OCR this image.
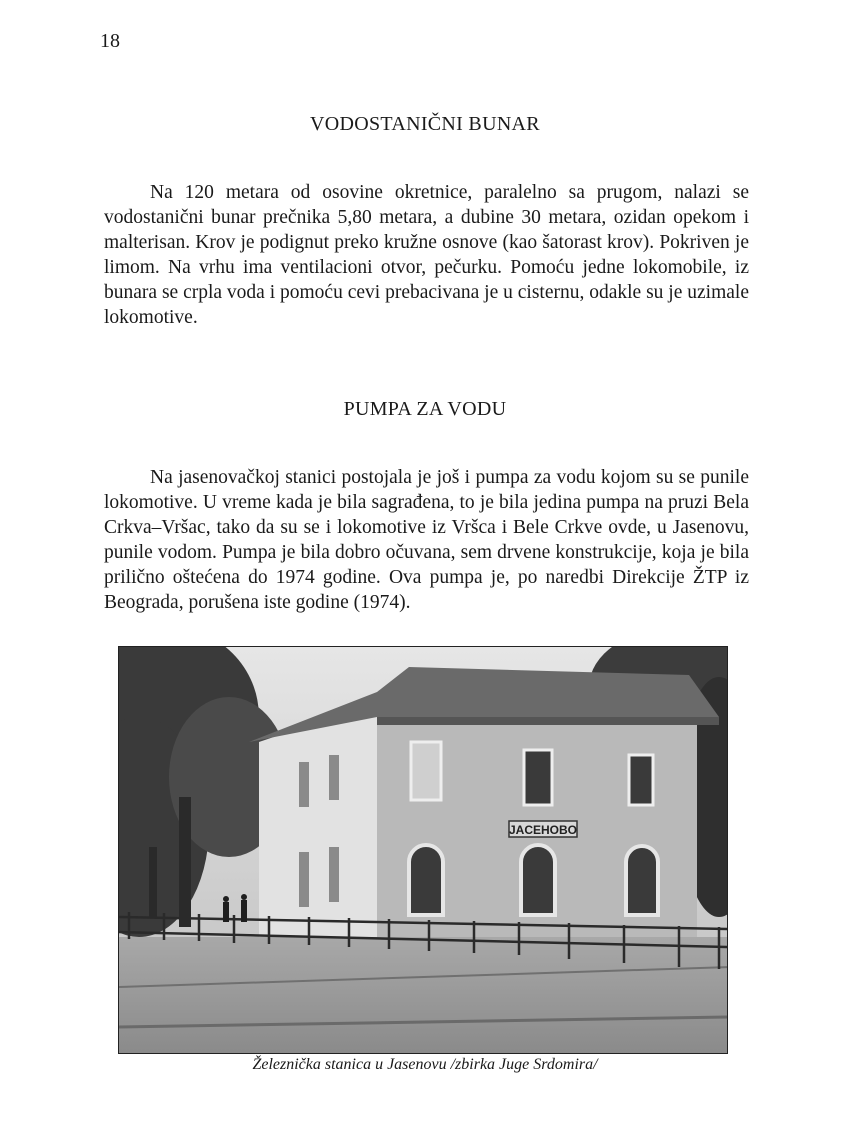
18
VODOSTANIČNI BUNAR

Na 120 metara od osovine okretnice, paralelno sa prugom, nalazi se vodostanični bunar prečnika 5,80 metara, a dubine 30 metara, ozidan opekom i malterisan. Krov je podignut preko kružne osnove (kao šatorast krov). Pokriven je limom. Na vrhu ima ventilacioni otvor, pečurku. Pomoću jedne lokomobile, iz bunara se crpla voda i pomoću cevi prebacivana je u cisternu, odakle su je uzimale lokomotive.

PUMPA ZA VODU

Na jasenovačkoj stanici postojala je još i pumpa za vodu kojom su se punile lokomotive. U vreme kada je bila sagrađena, to je bila jedina pumpa na pruzi Bela Crkva–Vršac, tako da su se i lokomotive iz Vršca i Bele Crkve ovde, u Jasenovu, punile vodom. Pumpa je bila dobro očuvana, sem drvene konstrukcije, koja je bila prilično oštećena do 1974 godine. Ova pumpa je, po naredbi Direkcije ŽTP iz Beograda, porušena iste godine (1974).

JACEHOBO
Železnička stanica u Jasenovu /zbirka Juge Srdomira/
